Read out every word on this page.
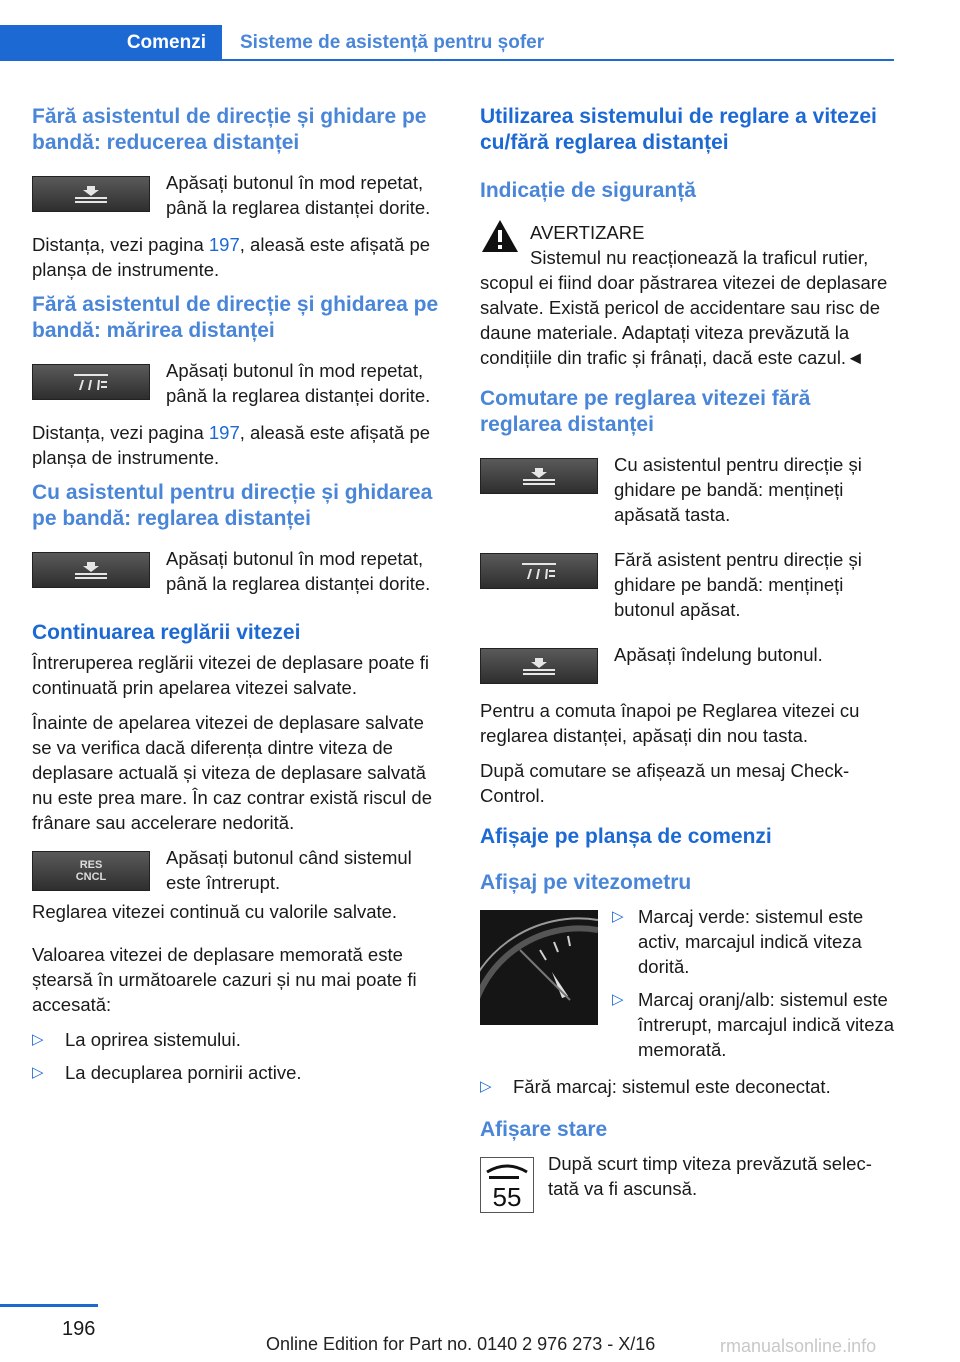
Comenzi	Sisteme de asistență pentru șofer
Fără asistentul de direcție și ghidare pe bandă: reducerea distanței
Apăsați butonul în mod repetat, până la reglarea distanței dorite.

Distanța, vezi pagina 197, aleasă este afișată pe planșa de instrumente.

Fără asistentul de direcție și ghidarea pe bandă: mărirea distanței
Apăsați butonul în mod repetat, până la reglarea distanței dorite.

Distanța, vezi pagina 197, aleasă este afișată pe planșa de instrumente.

Cu asistentul pentru direcție și ghidarea pe bandă: reglarea distanței
Apăsați butonul în mod repetat, până la reglarea distanței dorite.
Continuarea reglării vitezei

Întreruperea reglării vitezei de deplasare poate fi continuată prin apelarea vitezei salvate.

Înainte de apelarea vitezei de deplasare salvate se va verifica dacă diferența dintre viteza de deplasare actuală și viteza de deplasare salvată nu este prea mare. În caz contrar există riscul de frânare sau accelerare nedorită.

RES
CNCL
Apăsați butonul când sistemul este întrerupt.

Reglarea vitezei continuă cu valorile salvate.

Valoarea vitezei de deplasare memorată este ștearsă în următoarele cazuri și nu mai poate fi accesată:

▷	La oprirea sistemului.
▷	La decuplarea pornirii active.
Utilizarea sistemului de reglare a vitezei cu/fără reglarea distanței
Indicație de siguranță
AVERTIZARE
Sistemul nu reacționează la traficul rutier,

scopul ei fiind doar păstrarea vitezei de deplasare salvate. Există pericol de accidentare sau risc de daune materiale. Adaptați viteza prevăzută la condițiile din trafic și frânați, dacă este cazul.◄

Comutare pe reglarea vitezei fără reglarea distanței
Cu asistentul pentru direcție și ghidare pe bandă: mențineți apăsată tasta.
Fără asistent pentru direcție și ghidare pe bandă: mențineți butonul apăsat.
Apăsați îndelung butonul.

Pentru a comuta înapoi pe Reglarea vitezei cu reglarea distanței, apăsați din nou tasta.

După comutare se afișează un mesaj Check-Control.

Afișaje pe planșa de comenzi
Afișaj pe vitezometru
▷ Marcaj verde: sistemul este activ, marcajul indică viteza dorită.
▷ Marcaj oranj/alb: sistemul este întrerupt, marcajul indică viteza memorată.
▷	Fără marcaj: sistemul este deconectat.
Afișare stare
55
După scurt timp viteza prevăzută selectată va fi ascunsă.
196
Online Edition for Part no. 0140 2 976 273 - X/16	rmanualsonline.info
